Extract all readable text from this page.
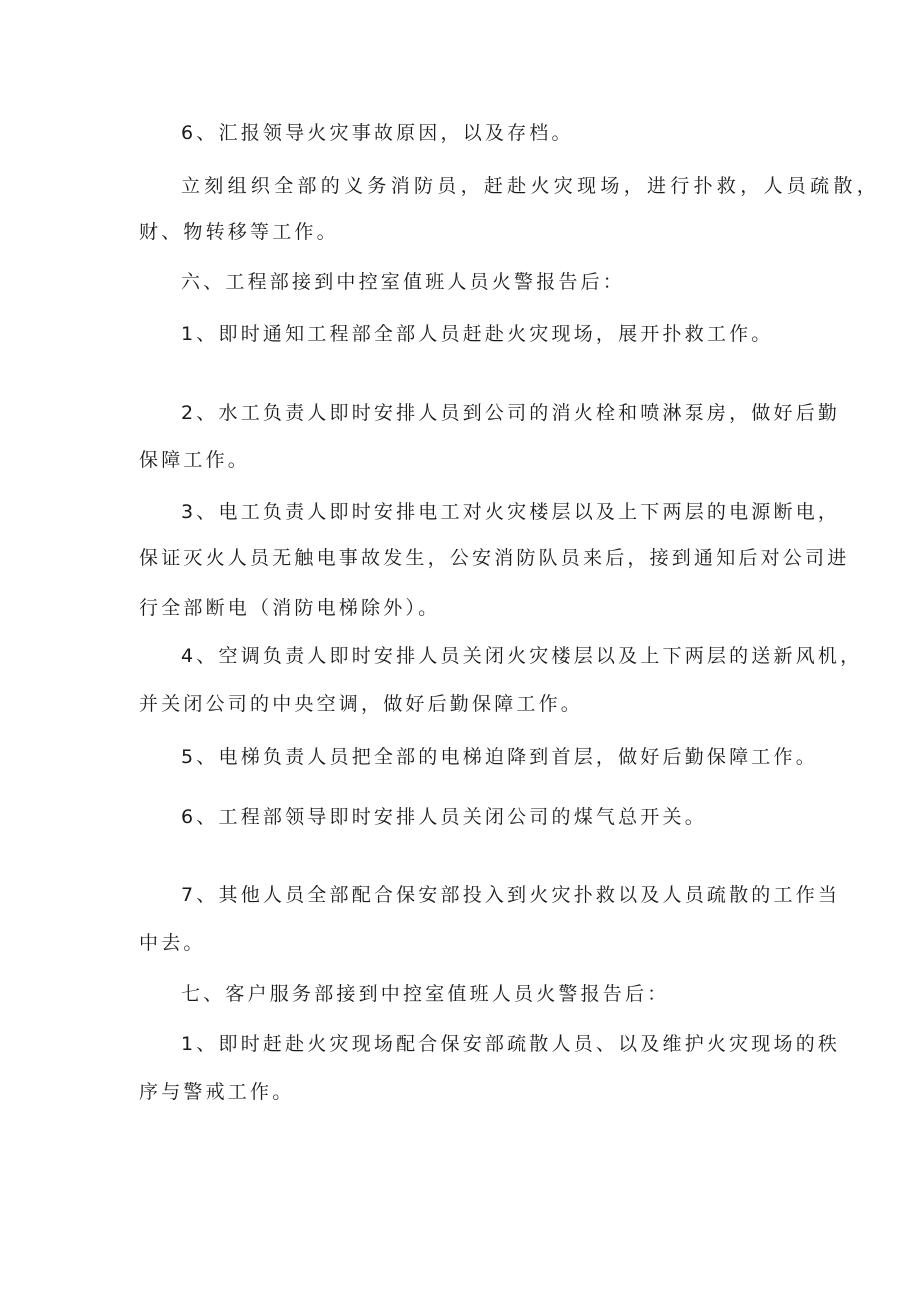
6、汇报领导火灾事故原因，以及存档。
立刻组织全部的义务消防员，赶赴火灾现场，进行扑救，人员疏散，
财、物转移等工作。
六、工程部接到中控室值班人员火警报告后：
1、即时通知工程部全部人员赶赴火灾现场，展开扑救工作。
2、水工负责人即时安排人员到公司的消火栓和喷淋泵房，做好后勤
保障工作。
3、电工负责人即时安排电工对火灾楼层以及上下两层的电源断电，
保证灭火人员无触电事故发生，公安消防队员来后，接到通知后对公司进
行全部断电（消防电梯除外）。
4、空调负责人即时安排人员关闭火灾楼层以及上下两层的送新风机，
并关闭公司的中央空调，做好后勤保障工作。
5、电梯负责人员把全部的电梯迫降到首层，做好后勤保障工作。
6、工程部领导即时安排人员关闭公司的煤气总开关。
7、其他人员全部配合保安部投入到火灾扑救以及人员疏散的工作当
中去。
七、客户服务部接到中控室值班人员火警报告后：
1、即时赶赴火灾现场配合保安部疏散人员、以及维护火灾现场的秩
序与警戒工作。
